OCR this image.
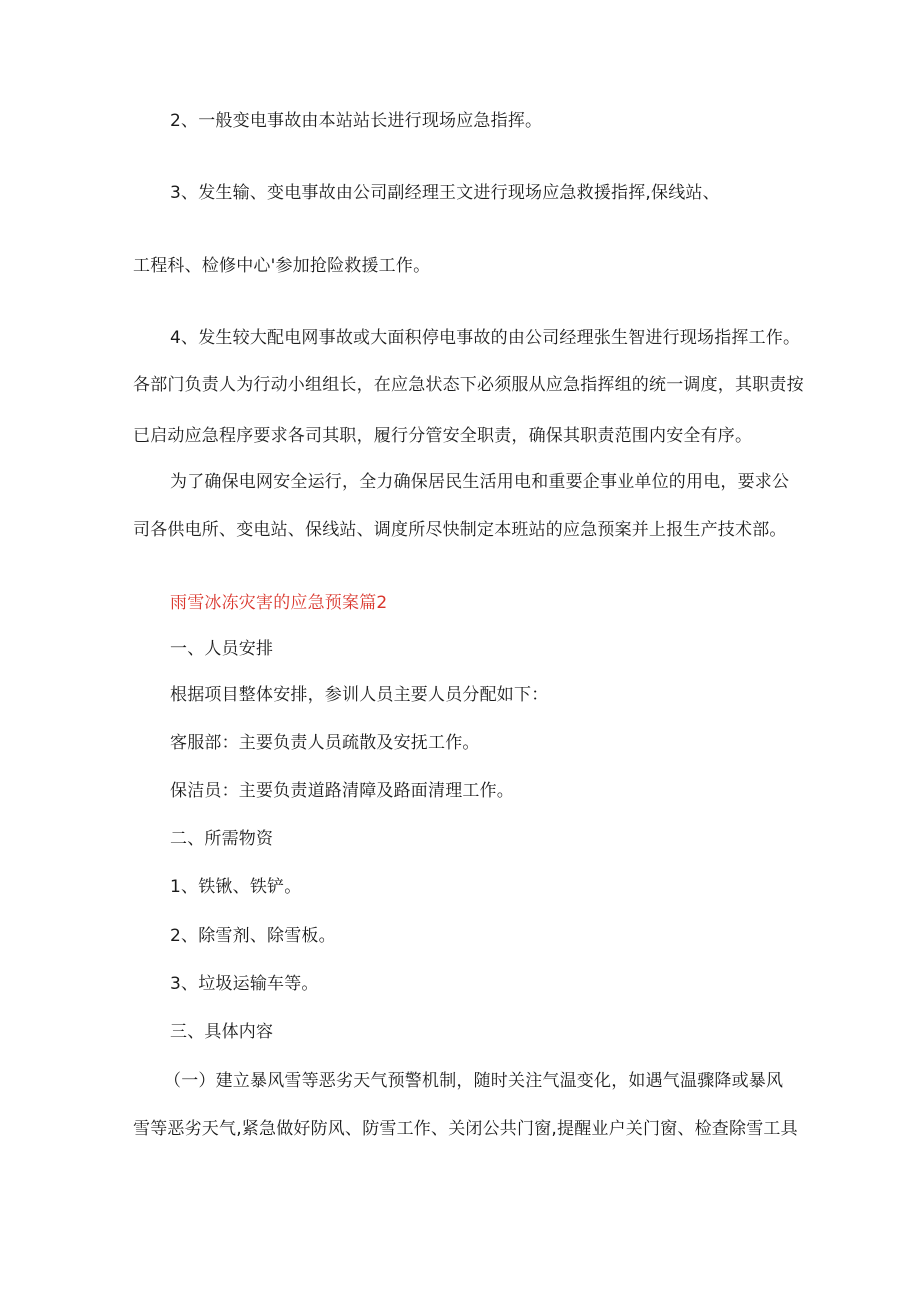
2、一般变电事故由本站站长进行现场应急指挥。
3、发生输、变电事故由公司副经理王文进行现场应急救援指挥,保线站、
工程科、检修中心'参加抢险救援工作。
4、发生较大配电网事故或大面积停电事故的由公司经理张生智进行现场指挥工作。
各部门负责人为行动小组组长，在应急状态下必须服从应急指挥组的统一调度，其职责按
已启动应急程序要求各司其职，履行分管安全职责，确保其职责范围内安全有序。
为了确保电网安全运行，全力确保居民生活用电和重要企事业单位的用电，要求公
司各供电所、变电站、保线站、调度所尽快制定本班站的应急预案并上报生产技术部。
雨雪冰冻灾害的应急预案篇2
一、人员安排
根据项目整体安排，参训人员主要人员分配如下：
客服部：主要负责人员疏散及安抚工作。
保洁员：主要负责道路清障及路面清理工作。
二、所需物资
1、铁锹、铁铲。
2、除雪剂、除雪板。
3、垃圾运输车等。
三、具体内容
（一）建立暴风雪等恶劣天气预警机制，随时关注气温变化，如遇气温骤降或暴风
雪等恶劣天气,紧急做好防风、防雪工作、关闭公共门窗,提醒业户关门窗、检查除雪工具
